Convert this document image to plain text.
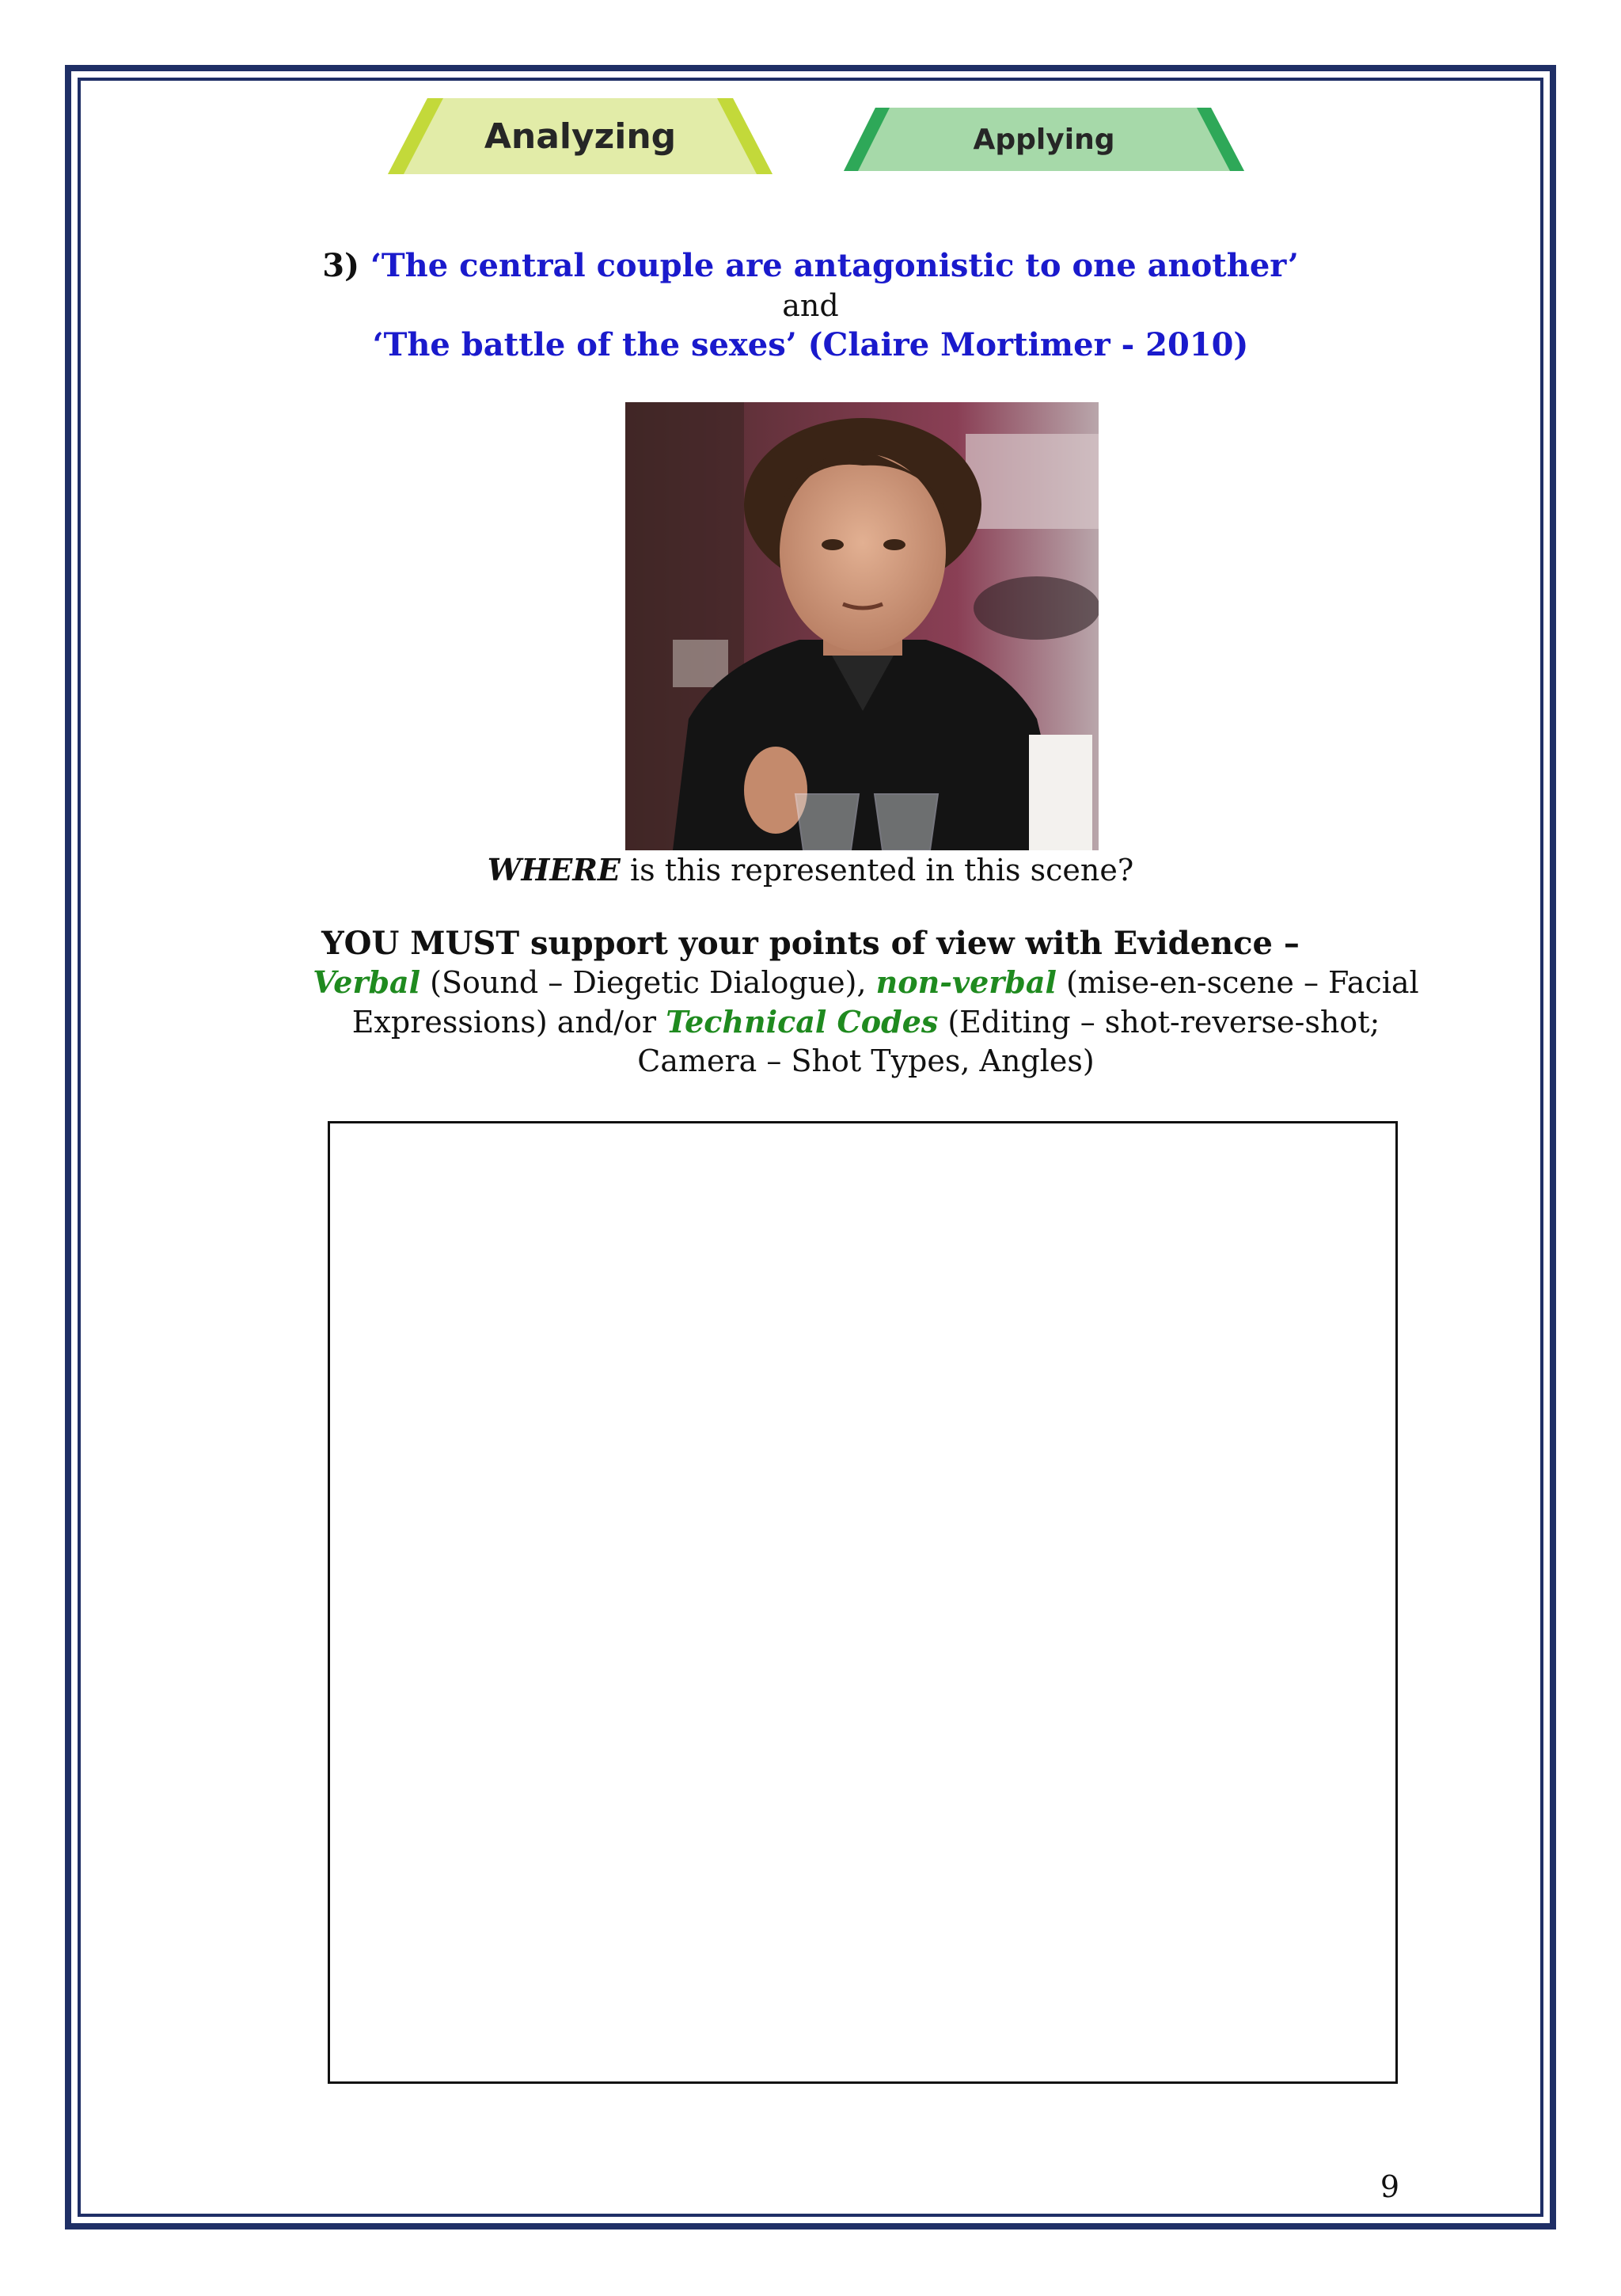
Analyzing	Applying
3) ‘The central couple are antagonistic to one another’
and
‘The battle of the sexes’ (Claire Mortimer - 2010)
WHERE is this represented in this scene?
YOU MUST support your points of view with Evidence –
Verbal (Sound – Diegetic Dialogue), non-verbal (mise-en-scene – Facial Expressions) and/or Technical Codes (Editing – shot-reverse-shot; Camera – Shot Types, Angles)
9
